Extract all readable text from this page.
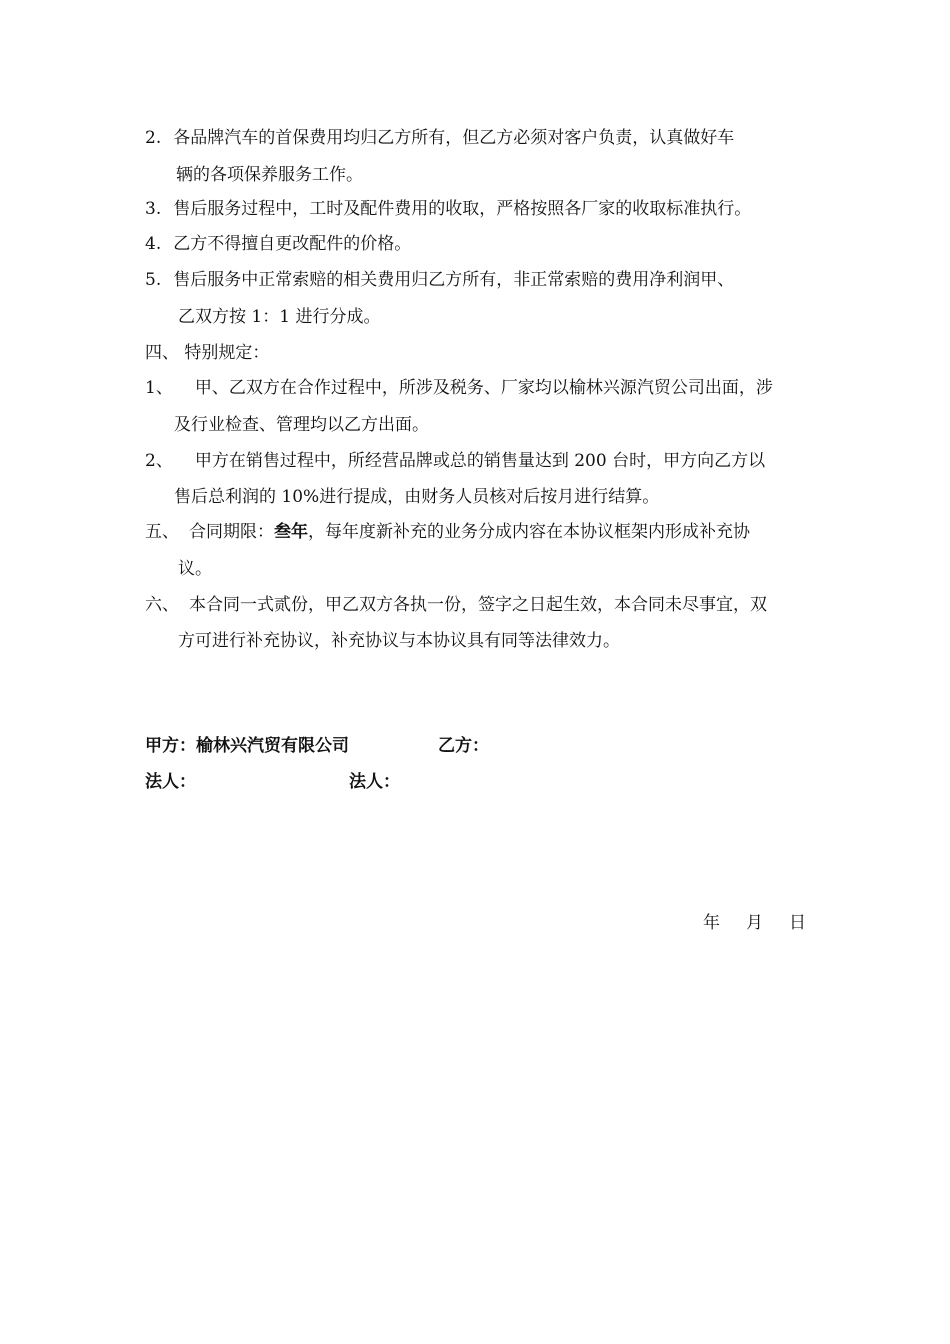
2. 各品牌汽车的首保费用均归乙方所有，但乙方必须对客户负责，认真做好车
辆的各项保养服务工作。
3. 售后服务过程中，工时及配件费用的收取，严格按照各厂家的收取标准执行。
4. 乙方不得擅自更改配件的价格。
5. 售后服务中正常索赔的相关费用归乙方所有，非正常索赔的费用净利润甲、
乙双方按 1：1 进行分成。
四、 特别规定：
1、 甲、乙双方在合作过程中，所涉及税务、厂家均以榆林兴源汽贸公司出面，涉
及行业检查、管理均以乙方出面。
2、 甲方在销售过程中，所经营品牌或总的销售量达到 200 台时，甲方向乙方以
售后总利润的 10%进行提成，由财务人员核对后按月进行结算。
五、 合同期限：叁年，每年度新补充的业务分成内容在本协议框架内形成补充协
议。
六、 本合同一式贰份，甲乙双方各执一份，签字之日起生效，本合同未尽事宜，双
方可进行补充协议，补充协议与本协议具有同等法律效力。
甲方：榆林兴汽贸有限公司	乙方：
法人：	法人：
年 月 日
